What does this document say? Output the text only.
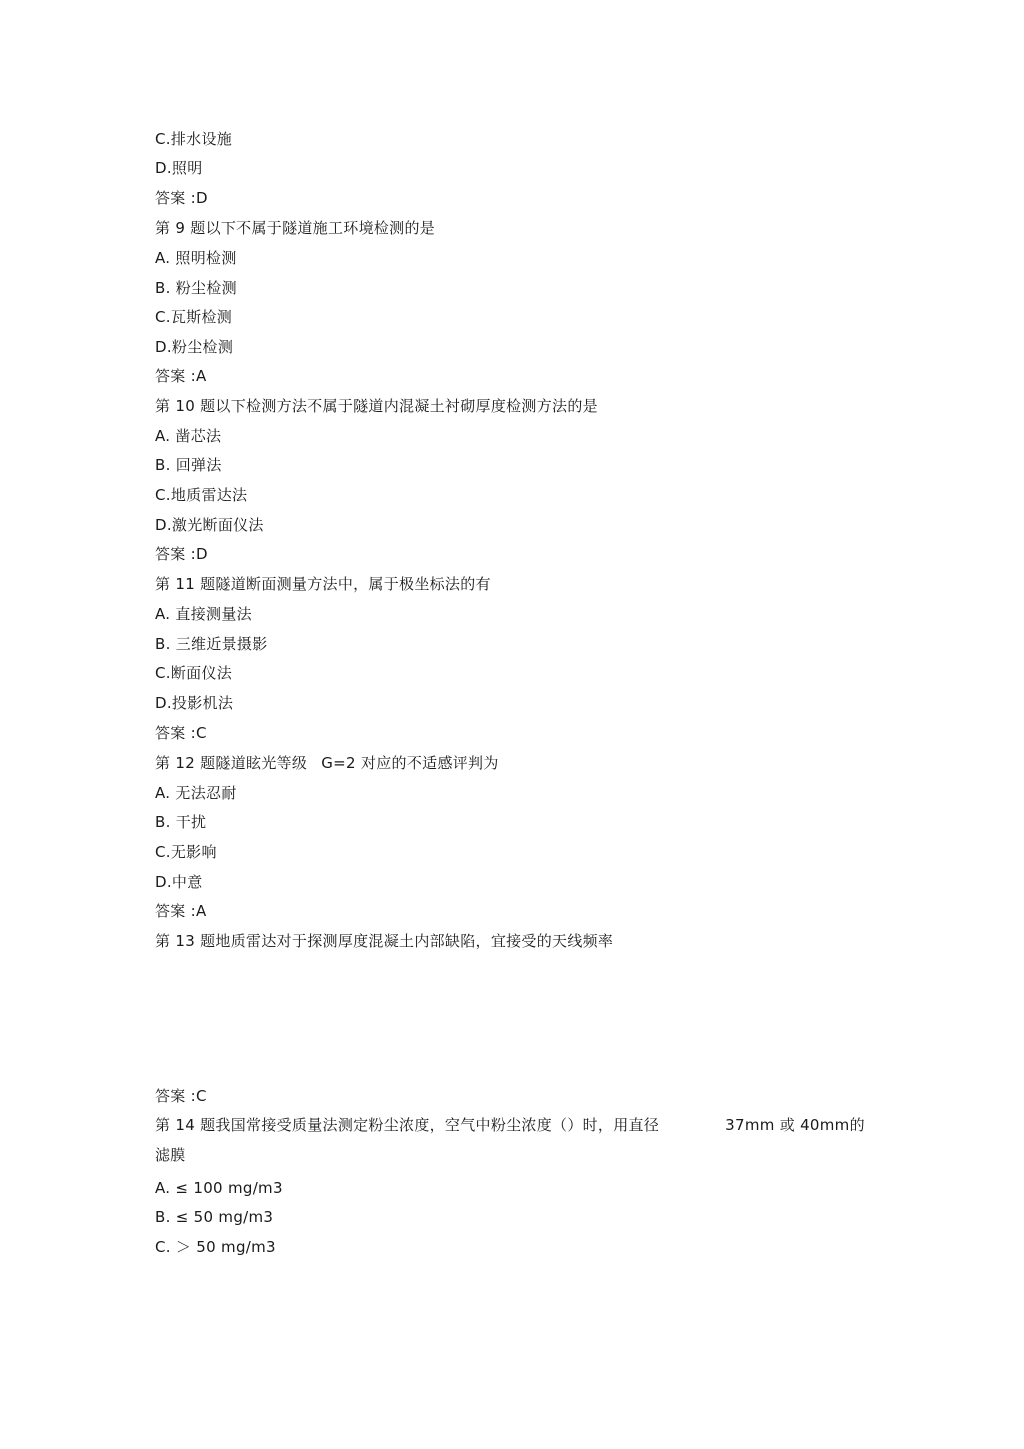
C.排水设施
D.照明
答案 :D
第 9 题以下不属于隧道施工环境检测的是
A. 照明检测
B. 粉尘检测
C.瓦斯检测
D.粉尘检测
答案 :A
第 10 题以下检测方法不属于隧道内混凝土衬砌厚度检测方法的是
A. 凿芯法
B. 回弹法
C.地质雷达法
D.激光断面仪法
答案 :D
第 11 题隧道断面测量方法中，属于极坐标法的有
A. 直接测量法
B. 三维近景摄影
C.断面仪法
D.投影机法
答案 :C
第 12 题隧道眩光等级 G=2 对应的不适感评判为
A. 无法忍耐
B. 干扰
C.无影响
D.中意
答案 :A
第 13 题地质雷达对于探测厚度混凝土内部缺陷，宜接受的天线频率
答案 :C
第 14 题我国常接受质量法测定粉尘浓度，空气中粉尘浓度（）时，用直径	37mm 或 40mm的
滤膜
A. ≤ 100 mg/m3
B. ≤ 50 mg/m3
C. ＞ 50 mg/m3
